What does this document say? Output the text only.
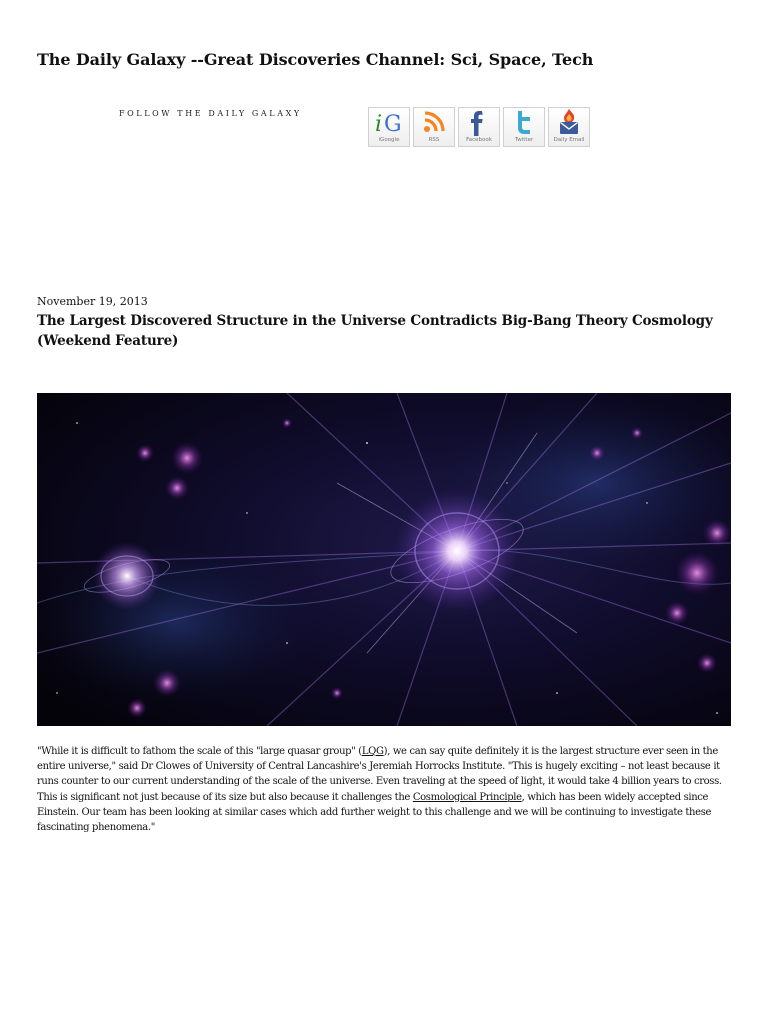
The Daily Galaxy --Great Discoveries Channel: Sci, Space, Tech
FOLLOW THE DAILY GALAXY	i G
iGoogle	RSS	Facebook	Twitter	Daily Email
November 19, 2013
The Largest Discovered Structure in the Universe Contradicts Big-Bang Theory Cosmology (Weekend Feature)
"While it is difficult to fathom the scale of this "large quasar group" (LQG), we can say quite definitely it is the largest structure ever seen in the entire universe," said Dr Clowes of University of Central Lancashire's Jeremiah Horrocks Institute. "This is hugely exciting – not least because it runs counter to our current understanding of the scale of the universe. Even traveling at the speed of light, it would take 4 billion years to cross. This is significant not just because of its size but also because it challenges the Cosmological Principle, which has been widely accepted since Einstein. Our team has been looking at similar cases which add further weight to this challenge and we will be continuing to investigate these fascinating phenomena."
